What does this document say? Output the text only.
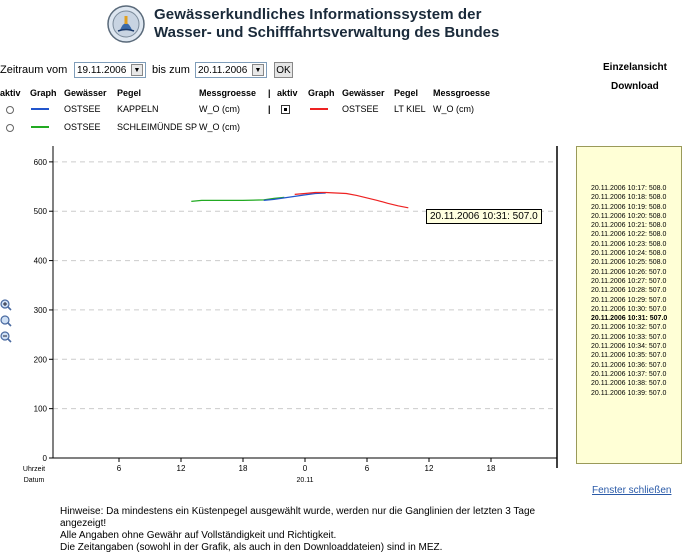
Gewässerkundliches Informationssystem der
Wasser- und Schifffahrtsverwaltung des Bundes
Zeitraum vom 19.11.2006	▼ bis zum 20.11.2006	▼ OK	Einzelansicht
Download
aktiv Graph Gewässer Pegel	Messgroesse | aktiv Graph Gewässer Pegel Messgroesse
OSTSEE KAPPELN	W_O (cm)	|	OSTSEE LT KIEL W_O (cm)
OSTSEE SCHLEIMÜNDE SP W_O (cm)
600
500
400
300
200
100
0
6	12	18	0	6	12	18
20.11
Uhrzeit
Datum
20.11.2006 10:31: 507.0
20.11.2006 10:17: 508.0
20.11.2006 10:18: 508.0
20.11.2006 10:19: 508.0
20.11.2006 10:20: 508.0
20.11.2006 10:21: 508.0
20.11.2006 10:22: 508.0
20.11.2006 10:23: 508.0
20.11.2006 10:24: 508.0
20.11.2006 10:25: 508.0
20.11.2006 10:26: 507.0
20.11.2006 10:27: 507.0
20.11.2006 10:28: 507.0
20.11.2006 10:29: 507.0
20.11.2006 10:30: 507.0
20.11.2006 10:31: 507.0
20.11.2006 10:32: 507.0
20.11.2006 10:33: 507.0
20.11.2006 10:34: 507.0
20.11.2006 10:35: 507.0
20.11.2006 10:36: 507.0
20.11.2006 10:37: 507.0
20.11.2006 10:38: 507.0
20.11.2006 10:39: 507.0
Fenster schließen
Hinweise: Da mindestens ein Küstenpegel ausgewählt wurde, werden nur die Ganglinien der letzten 3 Tage angezeigt!
Alle Angaben ohne Gewähr auf Vollständigkeit und Richtigkeit.
Die Zeitangaben (sowohl in der Grafik, als auch in den Downloaddateien) sind in MEZ.
